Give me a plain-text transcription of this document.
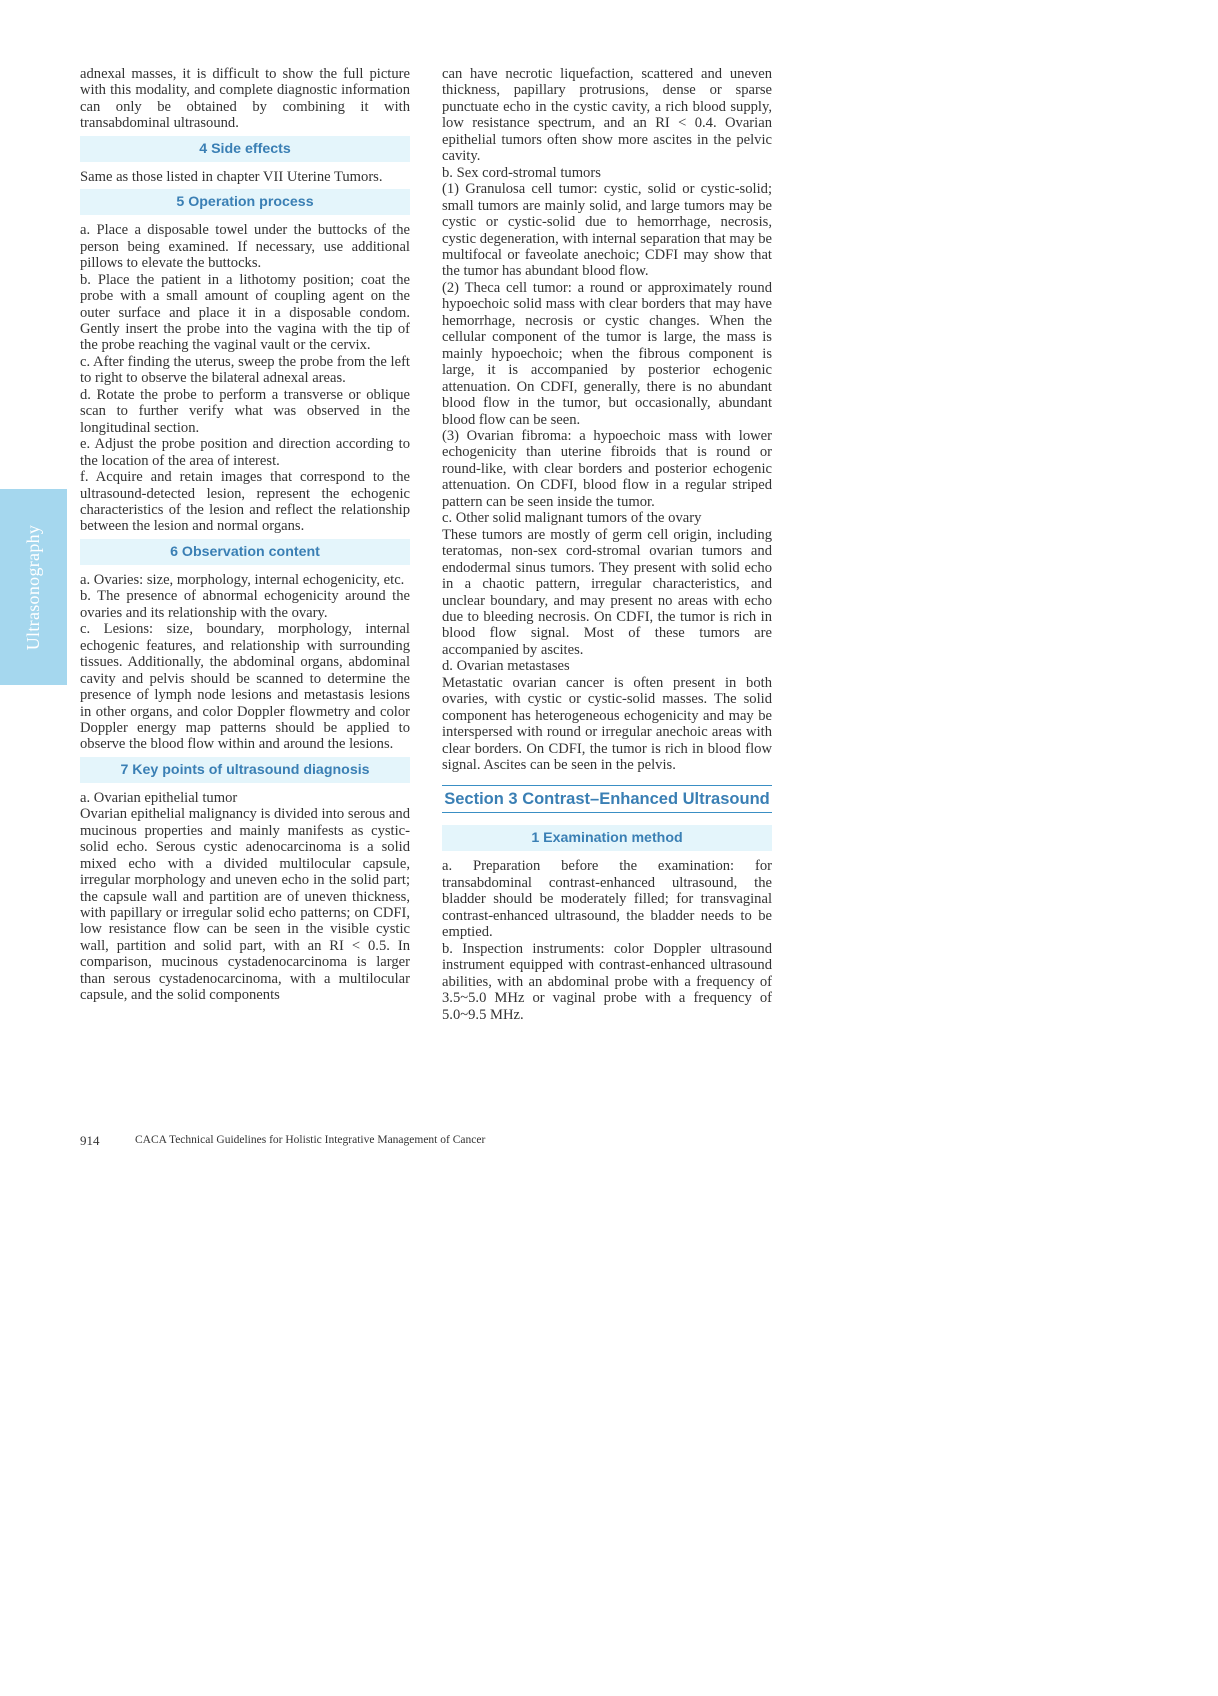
Ultrasonography

adnexal masses, it is difficult to show the full picture with this modality, and complete diagnostic information can only be obtained by combining it with transabdominal ultrasound.

4 Side effects

Same as those listed in chapter VII Uterine Tumors.

5 Operation process

a. Place a disposable towel under the buttocks of the person being examined. If necessary, use additional pillows to elevate the buttocks.

b. Place the patient in a lithotomy position; coat the probe with a small amount of coupling agent on the outer surface and place it in a disposable condom. Gently insert the probe into the vagina with the tip of the probe reaching the vaginal vault or the cervix.

c. After finding the uterus, sweep the probe from the left to right to observe the bilateral adnexal areas.

d. Rotate the probe to perform a transverse or oblique scan to further verify what was observed in the longitudinal section.

e. Adjust the probe position and direction according to the location of the area of interest.

f. Acquire and retain images that correspond to the ultrasound-detected lesion, represent the echogenic characteristics of the lesion and reflect the relationship between the lesion and normal organs.

6 Observation content

a. Ovaries: size, morphology, internal echogenicity, etc.

b. The presence of abnormal echogenicity around the ovaries and its relationship with the ovary.

c. Lesions: size, boundary, morphology, internal echogenic features, and relationship with surrounding tissues. Additionally, the abdominal organs, abdominal cavity and pelvis should be scanned to determine the presence of lymph node lesions and metastasis lesions in other organs, and color Doppler flowmetry and color Doppler energy map patterns should be applied to observe the blood flow within and around the lesions.

7 Key points of ultrasound diagnosis

a. Ovarian epithelial tumor

Ovarian epithelial malignancy is divided into serous and mucinous properties and mainly manifests as cystic-solid echo. Serous cystic adenocarcinoma is a solid mixed echo with a divided multilocular capsule, irregular morphology and uneven echo in the solid part; the capsule wall and partition are of uneven thickness, with papillary or irregular solid echo patterns; on CDFI, low resistance flow can be seen in the visible cystic wall, partition and solid part, with an RI < 0.5. In comparison, mucinous cystadenocarcinoma is larger than serous cystadenocarcinoma, with a multilocular capsule, and the solid components

can have necrotic liquefaction, scattered and uneven thickness, papillary protrusions, dense or sparse punctuate echo in the cystic cavity, a rich blood supply, low resistance spectrum, and an RI < 0.4. Ovarian epithelial tumors often show more ascites in the pelvic cavity.

b. Sex cord-stromal tumors

(1) Granulosa cell tumor: cystic, solid or cystic-solid; small tumors are mainly solid, and large tumors may be cystic or cystic-solid due to hemorrhage, necrosis, cystic degeneration, with internal separation that may be multifocal or faveolate anechoic; CDFI may show that the tumor has abundant blood flow.

(2) Theca cell tumor: a round or approximately round hypoechoic solid mass with clear borders that may have hemorrhage, necrosis or cystic changes. When the cellular component of the tumor is large, the mass is mainly hypoechoic; when the fibrous component is large, it is accompanied by posterior echogenic attenuation. On CDFI, generally, there is no abundant blood flow in the tumor, but occasionally, abundant blood flow can be seen.

(3) Ovarian fibroma: a hypoechoic mass with lower echogenicity than uterine fibroids that is round or round-like, with clear borders and posterior echogenic attenuation. On CDFI, blood flow in a regular striped pattern can be seen inside the tumor.

c. Other solid malignant tumors of the ovary

These tumors are mostly of germ cell origin, including teratomas, non-sex cord-stromal ovarian tumors and endodermal sinus tumors. They present with solid echo in a chaotic pattern, irregular characteristics, and unclear boundary, and may present no areas with echo due to bleeding necrosis. On CDFI, the tumor is rich in blood flow signal. Most of these tumors are accompanied by ascites.

d. Ovarian metastases

Metastatic ovarian cancer is often present in both ovaries, with cystic or cystic-solid masses. The solid component has heterogeneous echogenicity and may be interspersed with round or irregular anechoic areas with clear borders. On CDFI, the tumor is rich in blood flow signal. Ascites can be seen in the pelvis.

Section 3 Contrast–Enhanced Ultrasound
1 Examination method

a. Preparation before the examination: for transabdominal contrast-enhanced ultrasound, the bladder should be moderately filled; for transvaginal contrast-enhanced ultrasound, the bladder needs to be emptied.

b. Inspection instruments: color Doppler ultrasound instrument equipped with contrast-enhanced ultrasound abilities, with an abdominal probe with a frequency of 3.5~5.0 MHz or vaginal probe with a frequency of 5.0~9.5 MHz.

914	CACA Technical Guidelines for Holistic Integrative Management of Cancer
